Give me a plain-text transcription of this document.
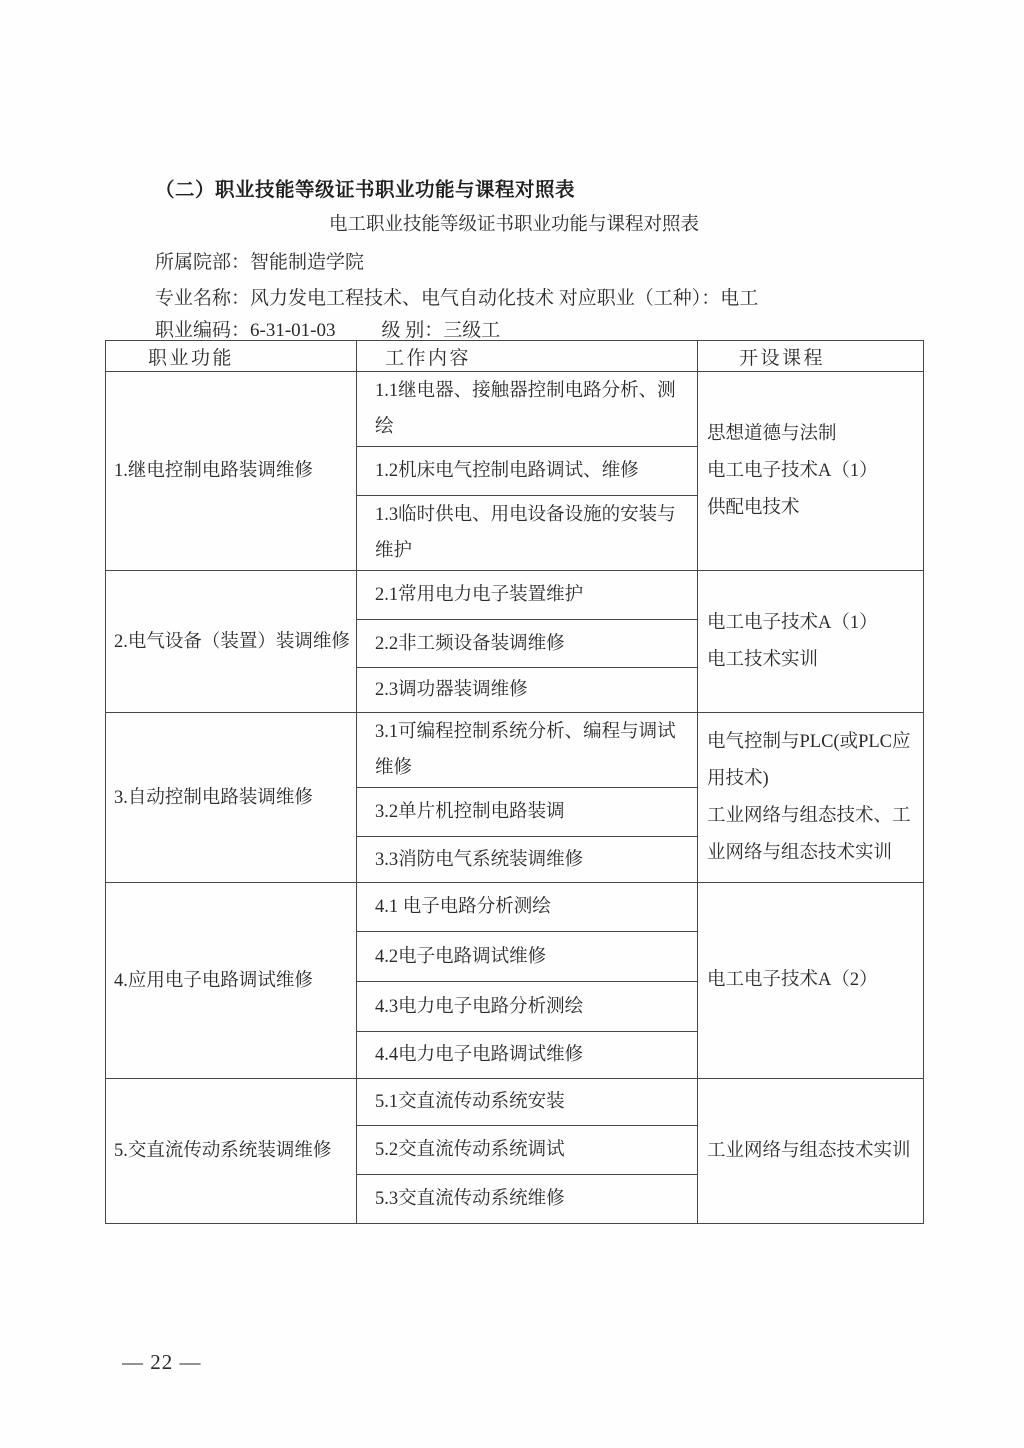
（二）职业技能等级证书职业功能与课程对照表
电工职业技能等级证书职业功能与课程对照表
所属院部：智能制造学院
专业名称：风力发电工程技术、电气自动化技术 对应职业（工种）：电工
职业编码：6-31-01-03 级 别：三级工
职业功能	工作内容	开设课程
1.继电控制电路装调维修	1.1继电器、接触器控制电路分析、测绘	思想道德与法制
电工电子技术A（1）
供配电技术

	1.2机床电气控制电路调试、维修	
	1.3临时供电、用电设备设施的安装与维护	
2.电气设备（装置）装调维修	2.1常用电力电子装置维护	电工电子技术A（1）
电工技术实训

	2.2非工频设备装调维修	
	2.3调功器装调维修	
3.自动控制电路装调维修	3.1可编程控制系统分析、编程与调试维修	电气控制与PLC(或PLC应用技术)
工业网络与组态技术、工业网络与组态技术实训

	3.2单片机控制电路装调	
	3.3消防电气系统装调维修	
4.应用电子电路调试维修	4.1 电子电路分析测绘	电工电子技术A（2）

	4.2电子电路调试维修	
	4.3电力电子电路分析测绘	
	4.4电力电子电路调试维修	
5.交直流传动系统装调维修	5.1交直流传动系统安装	工业网络与组态技术实训

	5.2交直流传动系统调试	
	5.3交直流传动系统维修	
— 22 —
